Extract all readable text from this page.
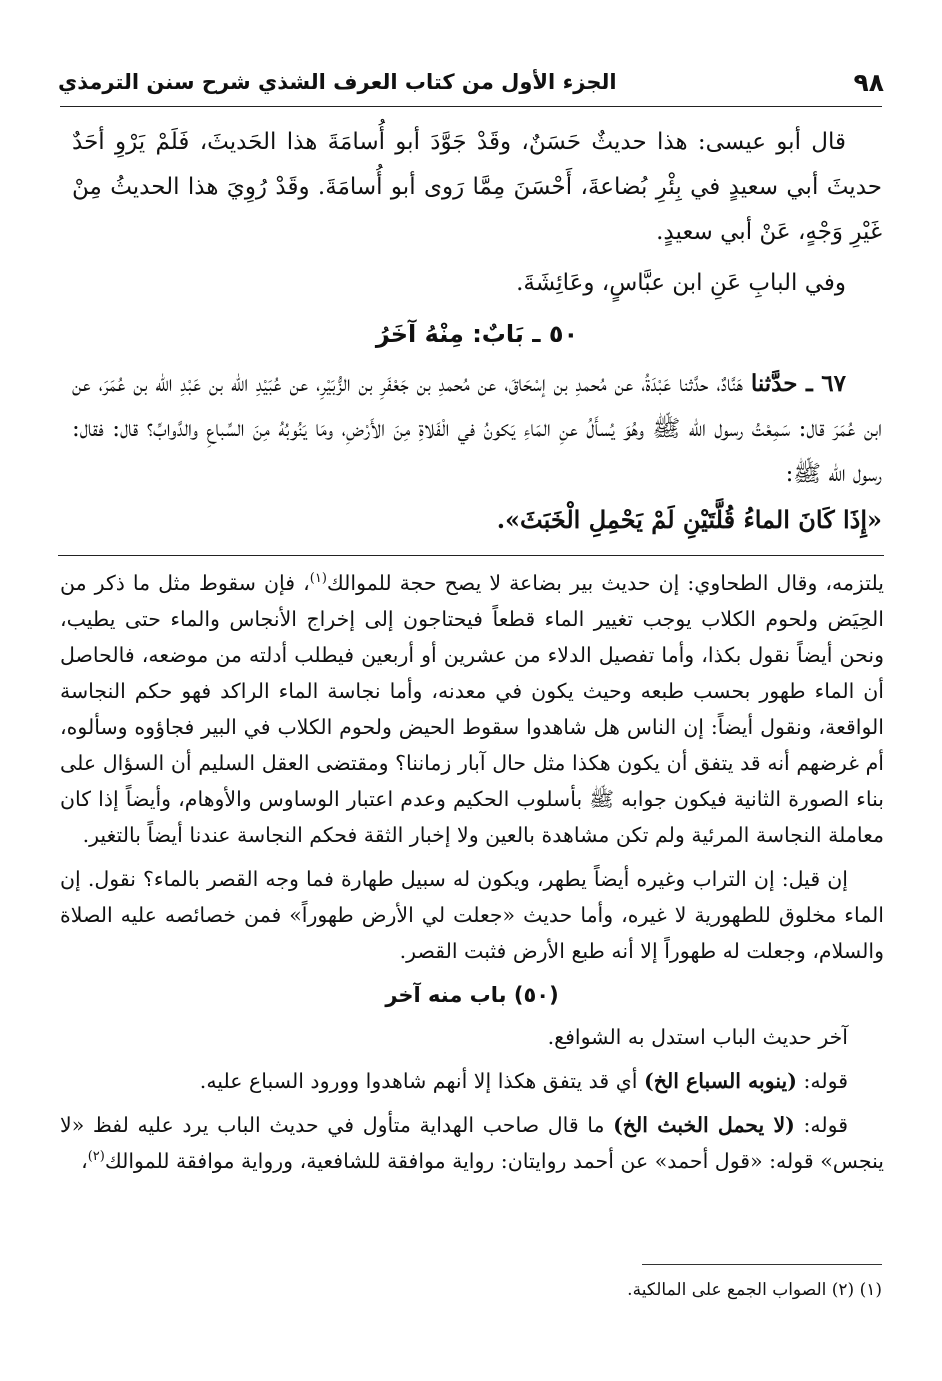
٩٨
الجزء الأول من كتاب العرف الشذي شرح سنن الترمذي

قال أبو عيسى: هذا حديثٌ حَسَنٌ، وقَدْ جَوَّدَ أبو أُسامَةَ هذا الحَديثَ، فَلَمْ يَرْوِ أحَدٌ حديثَ أبي سعيدٍ في بِئْرِ بُضاعةَ، أَحْسَنَ مِمَّا رَوى أبو أُسامَةَ. وقَدْ رُوِيَ هذا الحديثُ مِنْ غَيْرِ وَجْهٍ، عَنْ أبي سعيدٍ.

وفي البابِ عَنِ ابن عبَّاسٍ، وعَائِشَةَ.

٥٠ ـ بَابٌ: مِنْهُ آخَرُ

٦٧ ـ حدَّثنا هَنَّادٌ، حدَّثنا عَبْدَةُ، عن مُحمدِ بن إسْحَاقَ، عن مُحمدِ بن جَعْفَرِ بن الزُّبَيْرِ، عن عُبَيْدِ الله بن عَبْدِ الله بن عُمَرَ، عن ابن عُمَرَ قال: سَمِعْتُ رسول الله ﷺ وهُوَ يُسأَلُ عنِ المَاءِ يَكونُ في الْفَلاةِ مِنَ الأَرْضِ، ومَا يَنُوبُهُ مِنَ السِّباعِ والدَّوابِّ؟ قال: فقال: رسول الله ﷺ:
«إِذَا كَانَ الماءُ قُلَّتَيْنِ لَمْ يَحْمِلِ الْخَبَثَ».

يلتزمه، وقال الطحاوي: إن حديث بير بضاعة لا يصح حجة للموالك$^{(١)}$، فإن سقوط مثل ما ذكر من الحِيَض ولحوم الكلاب يوجب تغيير الماء قطعاً فيحتاجون إلى إخراج الأنجاس والماء حتى يطيب، ونحن أيضاً نقول بكذا، وأما تفصيل الدلاء من عشرين أو أربعين فيطلب أدلته من موضعه، فالحاصل أن الماء طهور بحسب طبعه وحيث يكون في معدنه، وأما نجاسة الماء الراكد فهو حكم النجاسة الواقعة، ونقول أيضاً: إن الناس هل شاهدوا سقوط الحيض ولحوم الكلاب في البير فجاؤوه وسألوه، أم غرضهم أنه قد يتفق أن يكون هكذا مثل حال آبار زماننا؟ ومقتضى العقل السليم أن السؤال على بناء الصورة الثانية فيكون جوابه ﷺ بأسلوب الحكيم وعدم اعتبار الوساوس والأوهام، وأيضاً إذا كان معاملة النجاسة المرئية ولم تكن مشاهدة بالعين ولا إخبار الثقة فحكم النجاسة عندنا أيضاً بالتغير.

إن قيل: إن التراب وغيره أيضاً يطهر، ويكون له سبيل طهارة فما وجه القصر بالماء؟ نقول. إن الماء مخلوق للطهورية لا غيره، وأما حديث «جعلت لي الأرض طهوراً» فمن خصائصه عليه الصلاة والسلام، وجعلت له طهوراً إلا أنه طبع الأرض فثبت القصر.

(٥٠) باب منه آخر

آخر حديث الباب استدل به الشوافع.

قوله: (ينوبه السباع الخ) أي قد يتفق هكذا إلا أنهم شاهدوا وورود السباع عليه.

قوله: (لا يحمل الخبث الخ) ما قال صاحب الهداية متأول في حديث الباب يرد عليه لفظ «لا ينجس» قوله: «قول أحمد» عن أحمد روايتان: رواية موافقة للشافعية، ورواية موافقة للموالك$^{(٢)}$،

(١) (٢) الصواب الجمع على المالكية.
